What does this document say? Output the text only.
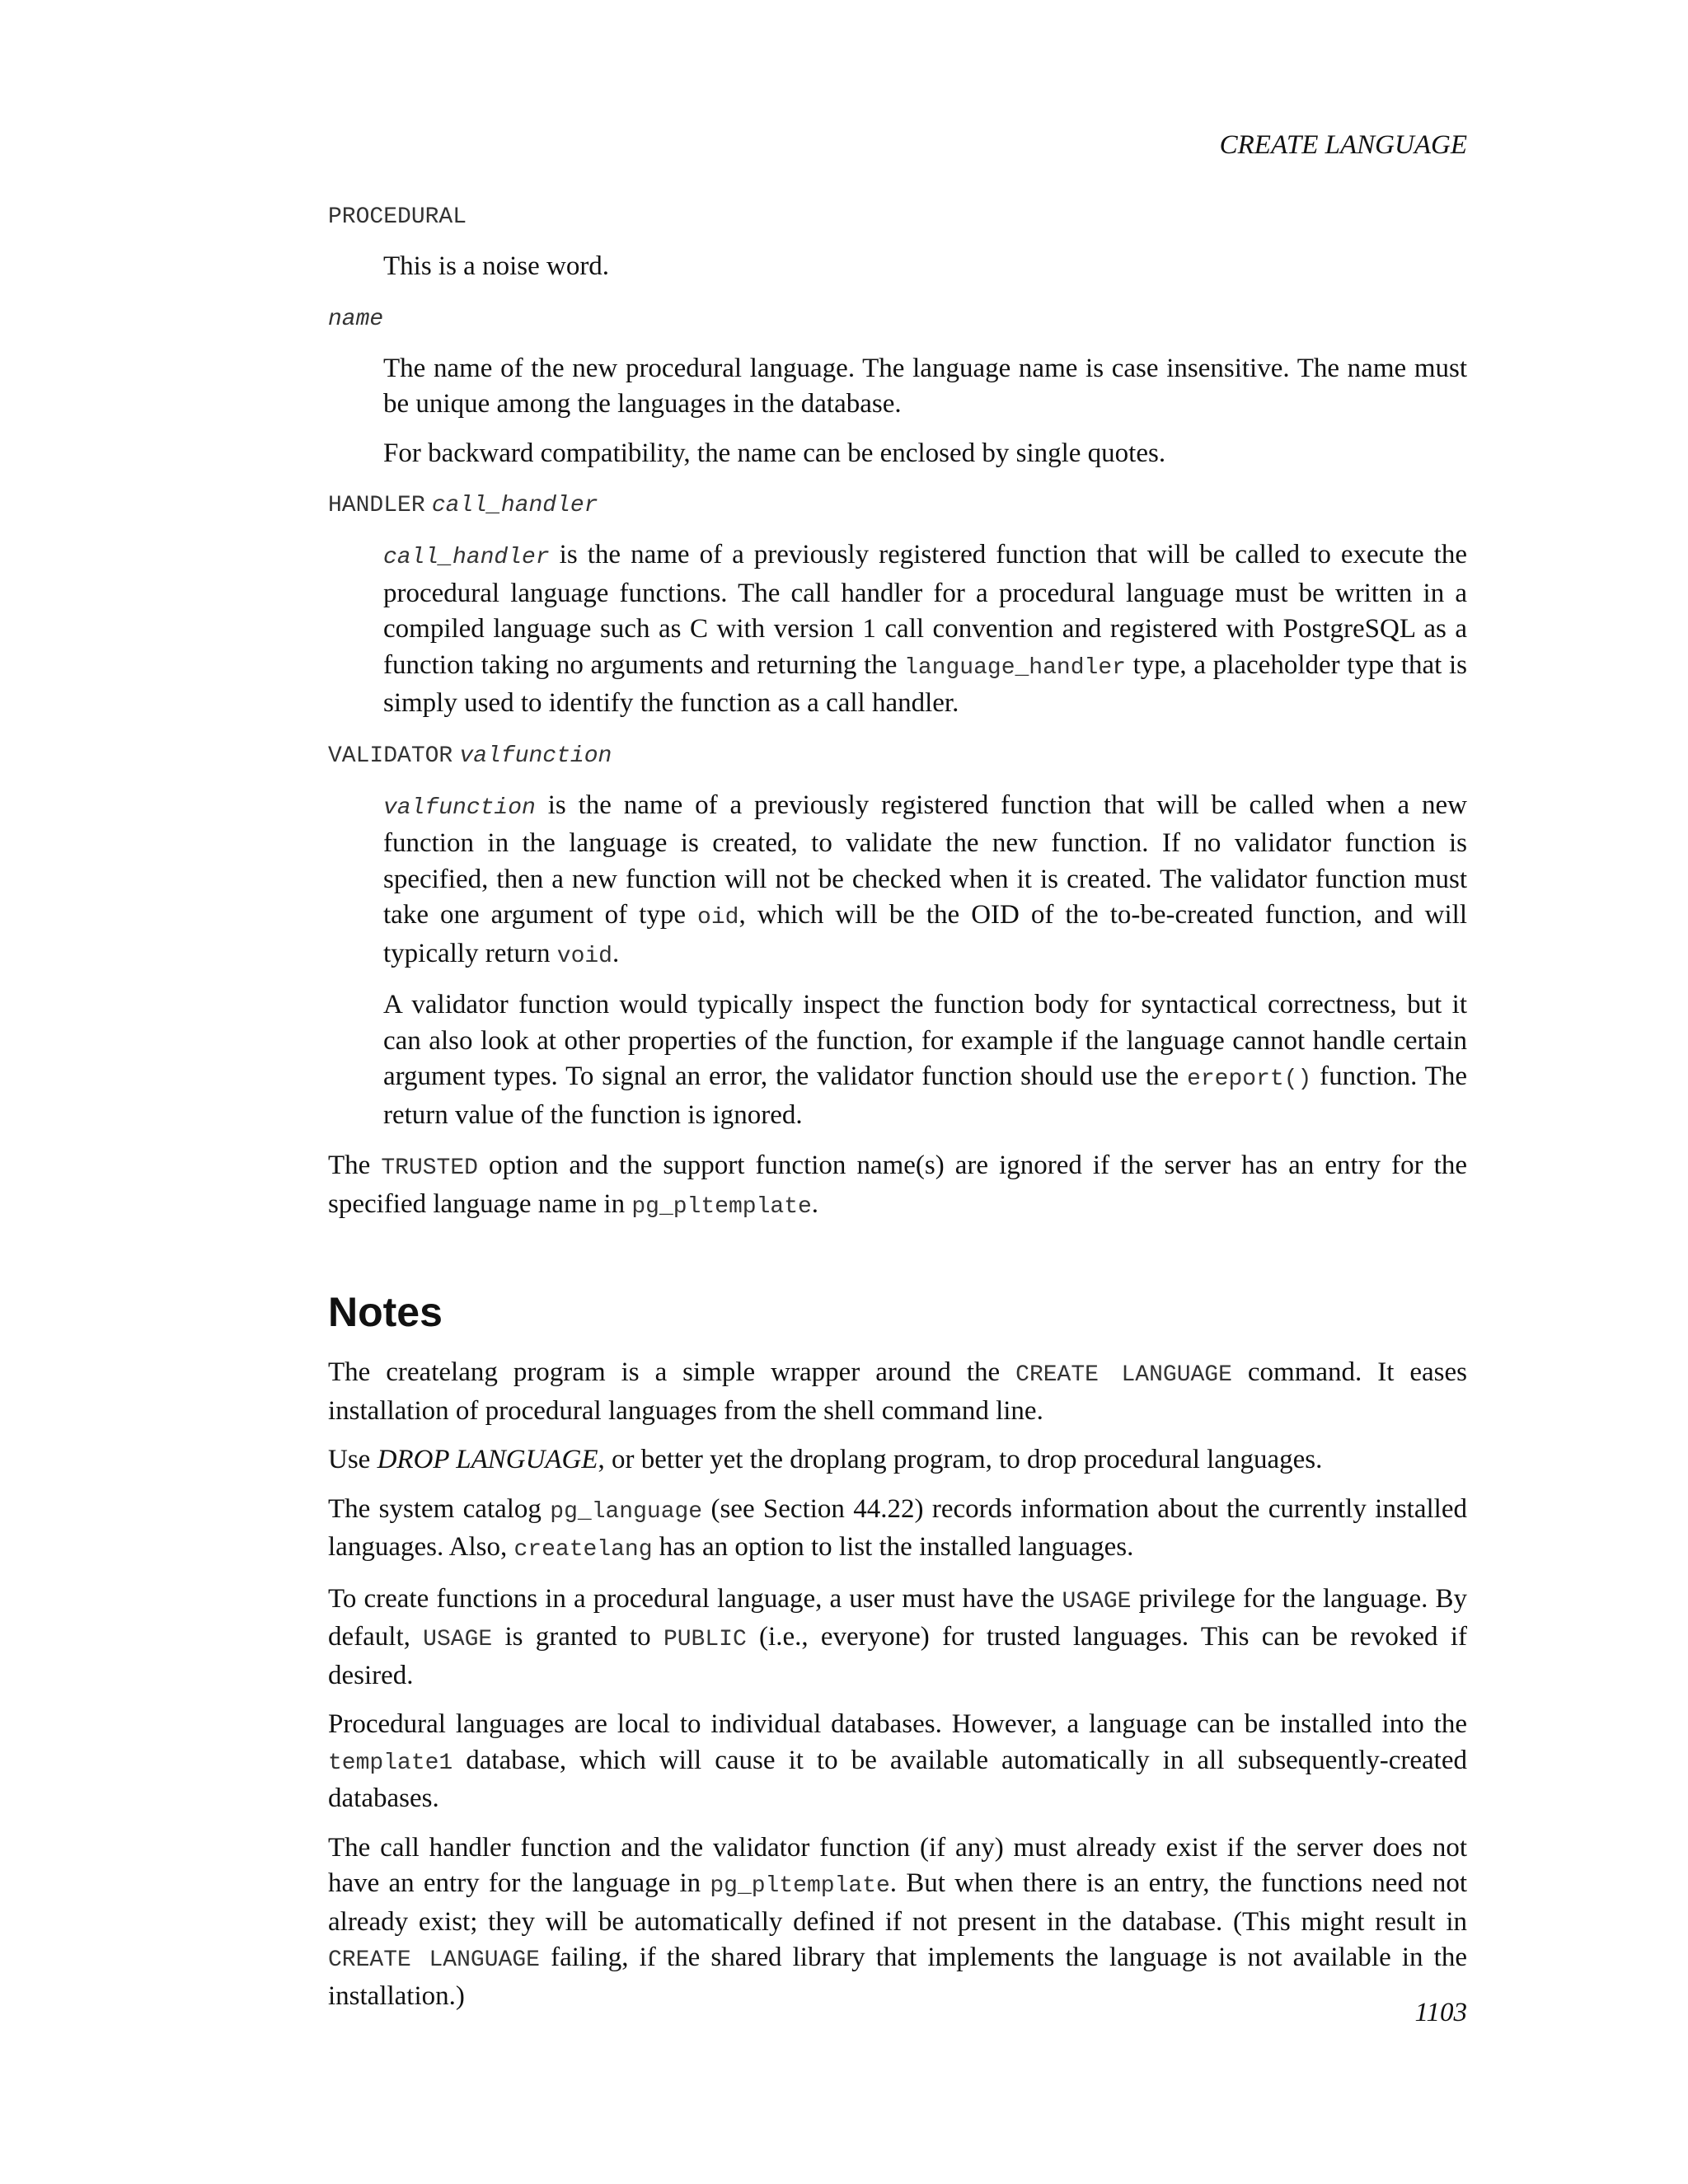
CREATE LANGUAGE
PROCEDURAL

This is a noise word.

name

The name of the new procedural language. The language name is case insensitive. The name must be unique among the languages in the database.

For backward compatibility, the name can be enclosed by single quotes.

HANDLER call_handler

call_handler is the name of a previously registered function that will be called to execute the procedural language functions. The call handler for a procedural language must be written in a compiled language such as C with version 1 call convention and registered with PostgreSQL as a function taking no arguments and returning the language_handler type, a placeholder type that is simply used to identify the function as a call handler.

VALIDATOR valfunction

valfunction is the name of a previously registered function that will be called when a new function in the language is created, to validate the new function. If no validator function is specified, then a new function will not be checked when it is created. The validator function must take one argument of type oid, which will be the OID of the to-be-created function, and will typically return void.

A validator function would typically inspect the function body for syntactical correctness, but it can also look at other properties of the function, for example if the language cannot handle certain argument types. To signal an error, the validator function should use the ereport() function. The return value of the function is ignored.

The TRUSTED option and the support function name(s) are ignored if the server has an entry for the specified language name in pg_pltemplate.

Notes

The createlang program is a simple wrapper around the CREATE LANGUAGE command. It eases installation of procedural languages from the shell command line.

Use DROP LANGUAGE, or better yet the droplang program, to drop procedural languages.

The system catalog pg_language (see Section 44.22) records information about the currently installed languages. Also, createlang has an option to list the installed languages.

To create functions in a procedural language, a user must have the USAGE privilege for the language. By default, USAGE is granted to PUBLIC (i.e., everyone) for trusted languages. This can be revoked if desired.

Procedural languages are local to individual databases. However, a language can be installed into the template1 database, which will cause it to be available automatically in all subsequently-created databases.

The call handler function and the validator function (if any) must already exist if the server does not have an entry for the language in pg_pltemplate. But when there is an entry, the functions need not already exist; they will be automatically defined if not present in the database. (This might result in CREATE LANGUAGE failing, if the shared library that implements the language is not available in the installation.)

1103
